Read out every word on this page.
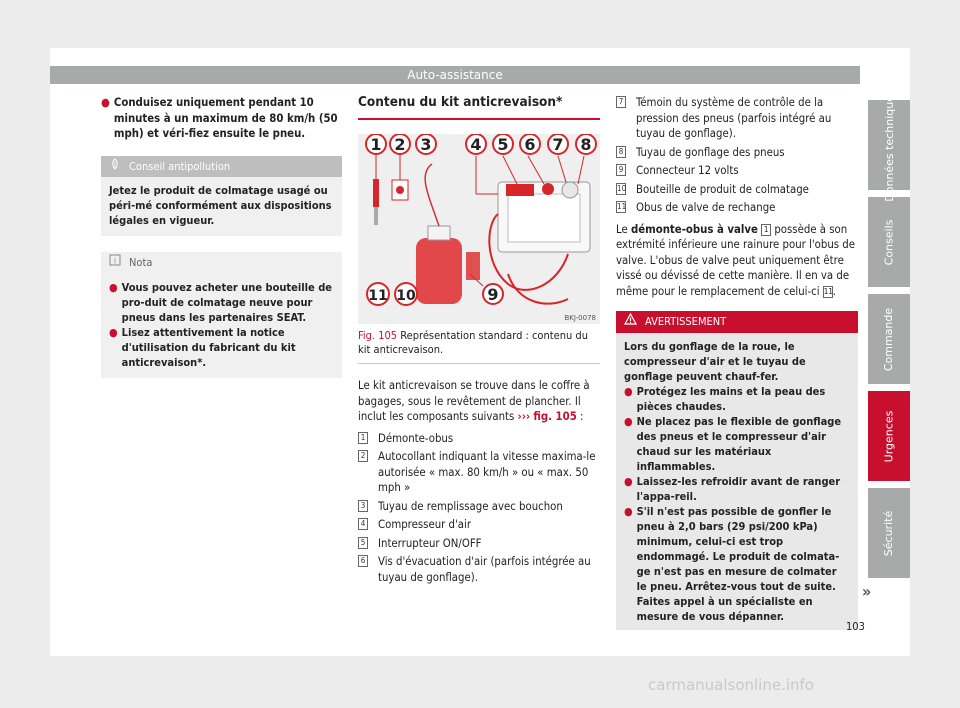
Auto-assistance
● Conduisez uniquement pendant 10 minutes à un maximum de 80 km/h (50 mph) et véri-fiez ensuite le pneu.
Conseil antipollution
Jetez le produit de colmatage usagé ou péri-mé conformément aux dispositions légales en vigueur.
i Nota
● Vous pouvez acheter une bouteille de pro-duit de colmatage neuve pour pneus dans les partenaires SEAT.
● Lisez attentivement la notice d'utilisation du fabricant du kit anticrevaison*.
Contenu du kit anticrevaison*
1 2 3 4 5 6 7 8
9
10
11
BKJ-0078
Fig. 105 Représentation standard : contenu du kit anticrevaison.
Le kit anticrevaison se trouve dans le coffre à bagages, sous le revêtement de plancher. Il inclut les composants suivants ››› fig. 105 :
1 Démonte-obus
2 Autocollant indiquant la vitesse maxima-le autorisée « max. 80 km/h » ou « max. 50 mph »
3 Tuyau de remplissage avec bouchon
4 Compresseur d'air
5 Interrupteur ON/OFF
6 Vis d'évacuation d'air (parfois intégrée au tuyau de gonflage).
7 Témoin du système de contrôle de la pression des pneus (parfois intégré au tuyau de gonflage).
8 Tuyau de gonflage des pneus
9 Connecteur 12 volts
10 Bouteille de produit de colmatage
11 Obus de valve de rechange
Le démonte-obus à valve 1 possède à son extrémité inférieure une rainure pour l'obus de valve. L'obus de valve peut uniquement être vissé ou dévissé de cette manière. Il en va de même pour le remplacement de celui-ci 11.
AVERTISSEMENT
Lors du gonflage de la roue, le compresseur d'air et le tuyau de gonflage peuvent chauf-fer.
● Protégez les mains et la peau des pièces chaudes.
● Ne placez pas le flexible de gonflage des pneus et le compresseur d'air chaud sur les matériaux inflammables.
● Laissez-les refroidir avant de ranger l'appa-reil.
● S'il n'est pas possible de gonfler le pneu à 2,0 bars (29 psi/200 kPa) minimum, celui-ci est trop endommagé. Le produit de colmata-ge n'est pas en mesure de colmater le pneu. Arrêtez-vous tout de suite. Faites appel à un spécialiste en mesure de vous dépanner.
»
Données techniques
Conseils
Commande
Urgences
Sécurité
103
carmanualsonline.info
